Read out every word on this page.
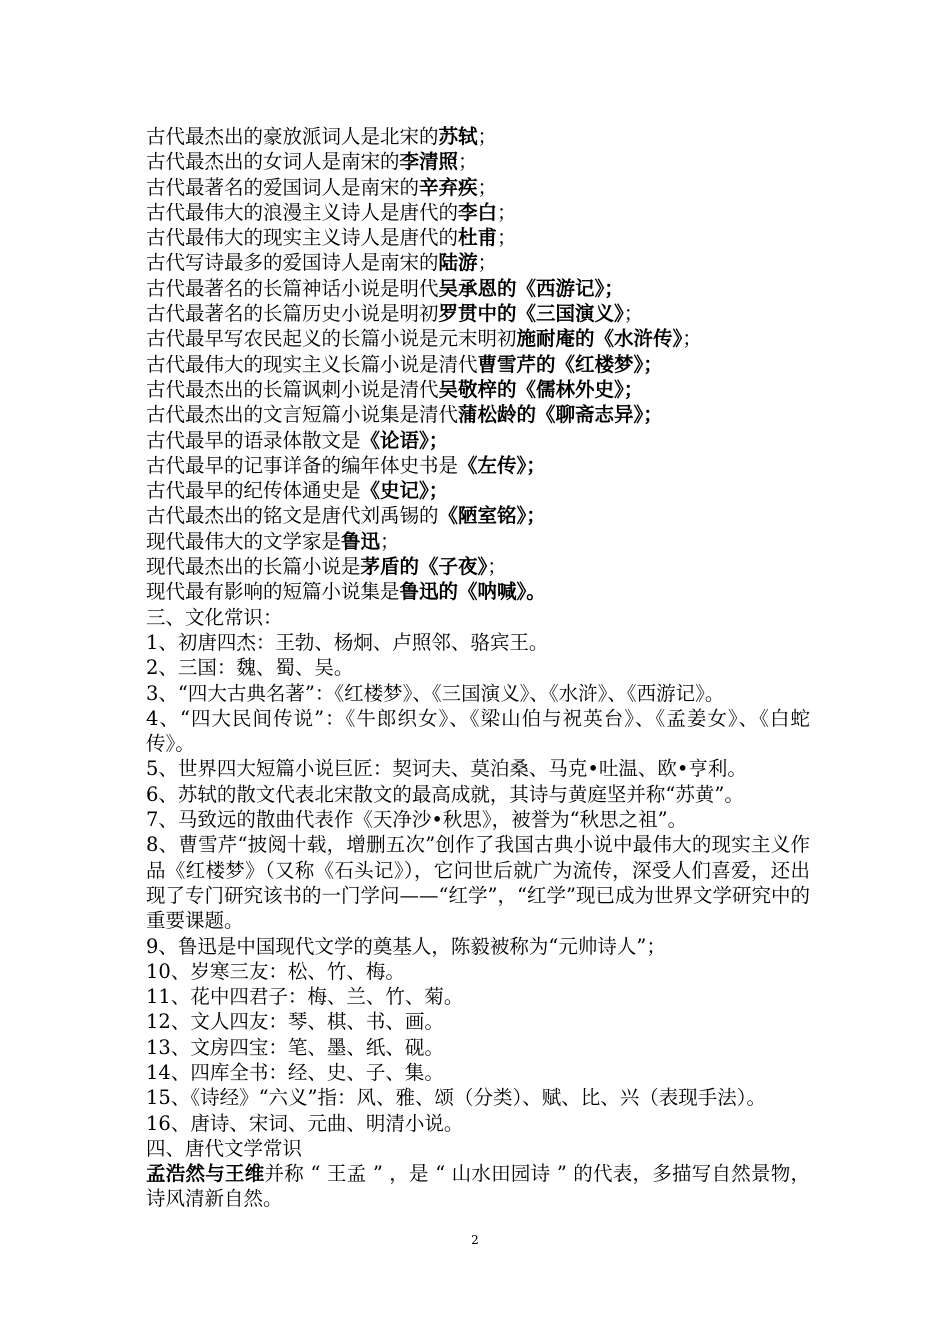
古代最杰出的豪放派词人是北宋的苏轼；
古代最杰出的女词人是南宋的李清照；
古代最著名的爱国词人是南宋的辛弃疾；
古代最伟大的浪漫主义诗人是唐代的李白；
古代最伟大的现实主义诗人是唐代的杜甫；
古代写诗最多的爱国诗人是南宋的陆游；
古代最著名的长篇神话小说是明代吴承恩的《西游记》；
古代最著名的长篇历史小说是明初罗贯中的《三国演义》；
古代最早写农民起义的长篇小说是元末明初施耐庵的《水浒传》；
古代最伟大的现实主义长篇小说是清代曹雪芹的《红楼梦》；
古代最杰出的长篇讽刺小说是清代吴敬梓的《儒林外史》；
古代最杰出的文言短篇小说集是清代蒲松龄的《聊斋志异》；
古代最早的语录体散文是《论语》；
古代最早的记事详备的编年体史书是《左传》；
古代最早的纪传体通史是《史记》；
古代最杰出的铭文是唐代刘禹锡的《陋室铭》；
现代最伟大的文学家是鲁迅；
现代最杰出的长篇小说是茅盾的《子夜》；
现代最有影响的短篇小说集是鲁迅的《呐喊》。
三、文化常识：
1、初唐四杰：王勃、杨炯、卢照邻、骆宾王。
2、三国：魏、蜀、吴。
3、“四大古典名著”：《红楼梦》、《三国演义》、《水浒》、《西游记》。
4、“四大民间传说”：《牛郎织女》、《梁山伯与祝英台》、《孟姜女》、《白蛇传》。
5、世界四大短篇小说巨匠：契诃夫、莫泊桑、马克•吐温、欧•亨利。
6、苏轼的散文代表北宋散文的最高成就，其诗与黄庭坚并称“苏黄”。
7、马致远的散曲代表作《天净沙•秋思》，被誉为“秋思之祖”。
8、曹雪芹“披阅十载，增删五次”创作了我国古典小说中最伟大的现实主义作品《红楼梦》（又称《石头记》），它问世后就广为流传，深受人们喜爱，还出现了专门研究该书的一门学问——“红学”，“红学”现已成为世界文学研究中的重要课题。
9、鲁迅是中国现代文学的奠基人，陈毅被称为“元帅诗人”；
10、岁寒三友：松、竹、梅。
11、花中四君子：梅、兰、竹、菊。
12、文人四友：琴、棋、书、画。
13、文房四宝：笔、墨、纸、砚。
14、四库全书：经、史、子、集。
15、《诗经》“六义”指：风、雅、颂（分类）、赋、比、兴（表现手法）。
16、唐诗、宋词、元曲、明清小说。
四、唐代文学常识
孟浩然与王维并称 “ 王孟 ” ，是 “ 山水田园诗 ” 的代表，多描写自然景物，诗风清新自然。
2
